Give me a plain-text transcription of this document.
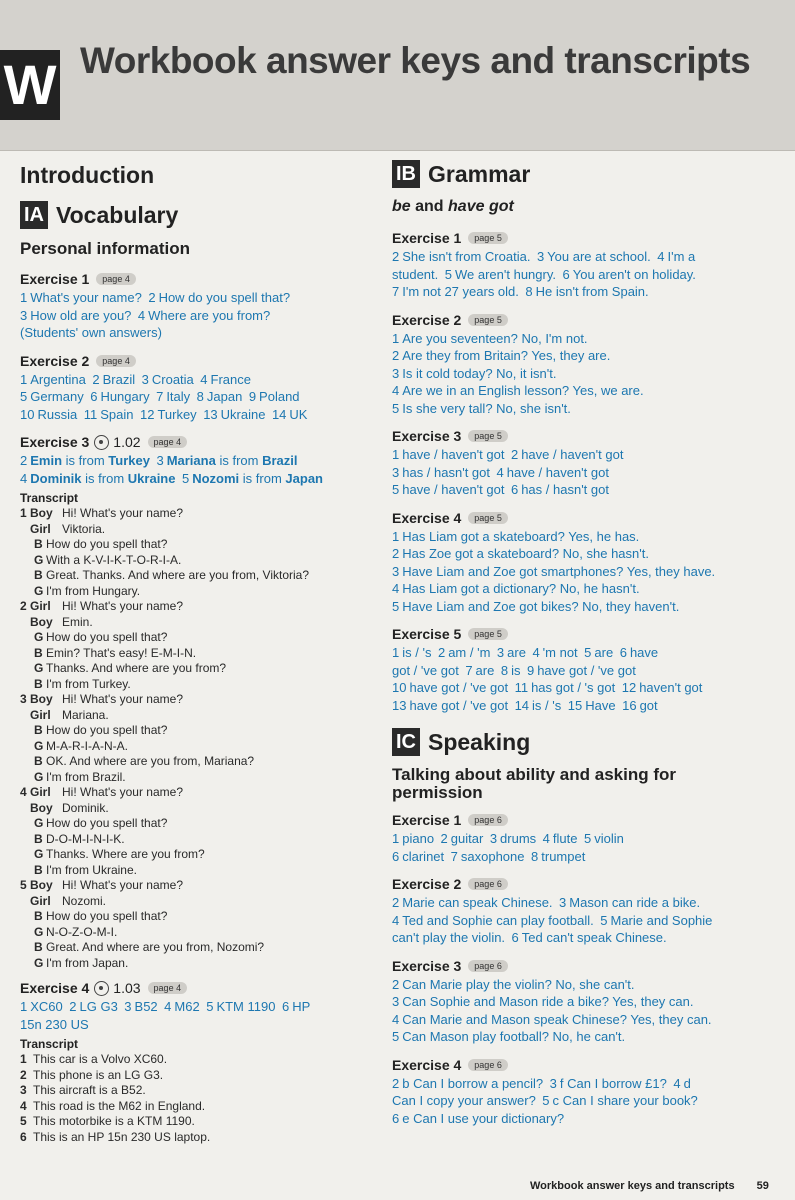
W Workbook answer keys and transcripts
Introduction
IA Vocabulary
Personal information
Exercise 1	page 4
1 What's your name?  2 How do you spell that?
3 How old are you?  4 Where are you from?
(Students' own answers)
Exercise 2	page 4
1 Argentina  2 Brazil  3 Croatia  4 France
5 Germany  6 Hungary  7 Italy  8 Japan  9 Poland
10 Russia  11 Spain  12 Turkey  13 Ukraine  14 UK
Exercise 3 1.02	page 4
2 Emin is from Turkey  3 Mariana is from Brazil
4 Dominik is from Ukraine  5 Nozomi is from Japan
Transcript
1 Boy Hi! What's your name?
Girl Viktoria.
B How do you spell that?
G With a K-V-I-K-T-O-R-I-A.
B Great. Thanks. And where are you from, Viktoria?
G I'm from Hungary.
2 Girl Hi! What's your name?
Boy Emin.
G How do you spell that?
B Emin? That's easy! E-M-I-N.
G Thanks. And where are you from?
B I'm from Turkey.
3 Boy Hi! What's your name?
Girl Mariana.
B How do you spell that?
G M-A-R-I-A-N-A.
B OK. And where are you from, Mariana?
G I'm from Brazil.
4 Girl Hi! What's your name?
Boy Dominik.
G How do you spell that?
B D-O-M-I-N-I-K.
G Thanks. Where are you from?
B I'm from Ukraine.
5 Boy Hi! What's your name?
Girl Nozomi.
B How do you spell that?
G N-O-Z-O-M-I.
B Great. And where are you from, Nozomi?
G I'm from Japan.
Exercise 4 1.03	page 4
1 XC60  2 LG G3  3 B52  4 M62  5 KTM 1190  6 HP
15n 230 US
Transcript
1 This car is a Volvo XC60.
2 This phone is an LG G3.
3 This aircraft is a B52.
4 This road is the M62 in England.
5 This motorbike is a KTM 1190.
6 This is an HP 15n 230 US laptop.
IB Grammar
be and have got
Exercise 1	page 5
2 She isn't from Croatia.  3 You are at school.  4 I'm a
student.  5 We aren't hungry.  6 You aren't on holiday.
7 I'm not 27 years old.  8 He isn't from Spain.
Exercise 2	page 5
1 Are you seventeen? No, I'm not.
2 Are they from Britain? Yes, they are.
3 Is it cold today? No, it isn't.
4 Are we in an English lesson? Yes, we are.
5 Is she very tall? No, she isn't.
Exercise 3	page 5
1 have / haven't got  2 have / haven't got
3 has / hasn't got  4 have / haven't got
5 have / haven't got  6 has / hasn't got
Exercise 4	page 5
1 Has Liam got a skateboard? Yes, he has.
2 Has Zoe got a skateboard? No, she hasn't.
3 Have Liam and Zoe got smartphones? Yes, they have.
4 Has Liam got a dictionary? No, he hasn't.
5 Have Liam and Zoe got bikes? No, they haven't.
Exercise 5	page 5
1 is / 's  2 am / 'm  3 are  4 'm not  5 are  6 have
got / 've got  7 are  8 is  9 have got / 've got
10 have got / 've got  11 has got / 's got  12 haven't got
13 have got / 've got  14 is / 's  15 Have  16 got
IC Speaking
Talking about ability and asking for permission
Exercise 1	page 6
1 piano  2 guitar  3 drums  4 flute  5 violin
6 clarinet  7 saxophone  8 trumpet
Exercise 2	page 6
2 Marie can speak Chinese.  3 Mason can ride a bike.
4 Ted and Sophie can play football.  5 Marie and Sophie
can't play the violin.  6 Ted can't speak Chinese.
Exercise 3	page 6
2 Can Marie play the violin? No, she can't.
3 Can Sophie and Mason ride a bike? Yes, they can.
4 Can Marie and Mason speak Chinese? Yes, they can.
5 Can Mason play football? No, he can't.
Exercise 4	page 6
2 b Can I borrow a pencil?  3 f Can I borrow £1?  4 d
Can I copy your answer?  5 c Can I share your book?
6 e Can I use your dictionary?
Workbook answer keys and transcripts 59
